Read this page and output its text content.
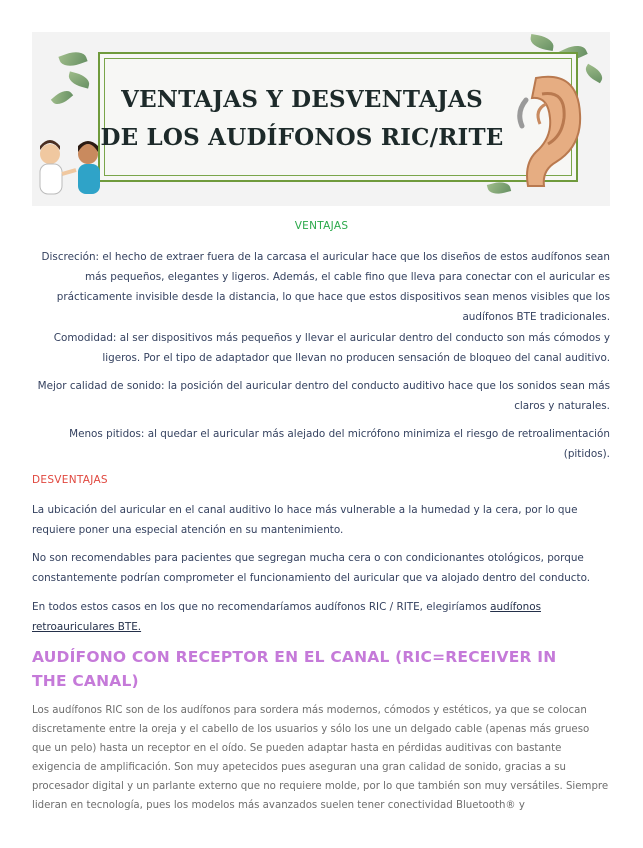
VENTAJAS Y DESVENTAJAS
DE LOS AUDÍFONOS RIC/RITE
VENTAJAS
Discreción: el hecho de extraer fuera de la carcasa el auricular hace que los diseños de estos audífonos sean más pequeños, elegantes y ligeros. Además, el cable fino que lleva para conectar con el auricular es prácticamente invisible desde la distancia, lo que hace que estos dispositivos sean menos visibles que los audífonos BTE tradicionales.
Comodidad: al ser dispositivos más pequeños y llevar el auricular dentro del conducto son más cómodos y ligeros. Por el tipo de adaptador que llevan no producen sensación de bloqueo del canal auditivo.
Mejor calidad de sonido: la posición del auricular dentro del conducto auditivo hace que los sonidos sean más claros y naturales.
Menos pitidos: al quedar el auricular más alejado del micrófono minimiza el riesgo de retroalimentación (pitidos).
DESVENTAJAS
La ubicación del auricular en el canal auditivo lo hace más vulnerable a la humedad y la cera, por lo que requiere poner una especial atención en su mantenimiento.
No son recomendables para pacientes que segregan mucha cera o con condicionantes otológicos, porque constantemente podrían comprometer el funcionamiento del auricular que va alojado dentro del conducto.
En todos estos casos en los que no recomendaríamos audífonos RIC / RITE, elegiríamos audífonos retroauriculares BTE.
AUDÍFONO CON RECEPTOR EN EL CANAL (RIC=RECEIVER IN THE CANAL)
Los audífonos RIC son de los audífonos para sordera más modernos, cómodos y estéticos, ya que se colocan discretamente entre la oreja y el cabello de los usuarios y sólo los une un delgado cable (apenas más grueso que un pelo) hasta un receptor en el oído. Se pueden adaptar hasta en pérdidas auditivas con bastante exigencia de amplificación. Son muy apetecidos pues aseguran una gran calidad de sonido, gracias a su procesador digital y un parlante externo que no requiere molde, por lo que también son muy versátiles. Siempre lideran en tecnología, pues los modelos más avanzados suelen tener conectividad Bluetooth® y
